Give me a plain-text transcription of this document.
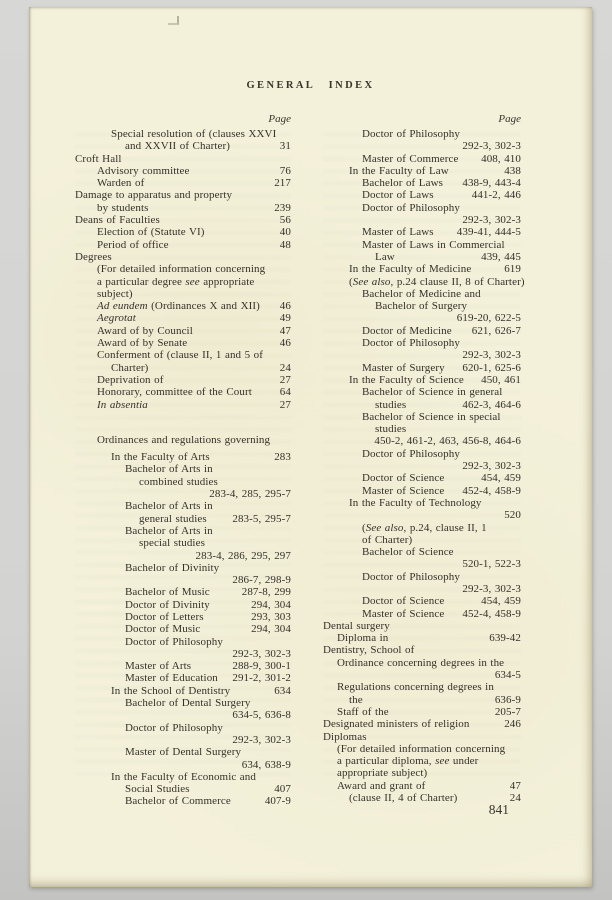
GENERAL INDEX
Page	Page
Special resolution of (clauses XXVI
and XXVII of Charter)	31
Croft Hall
Advisory committee	76
Warden of	217
Damage to apparatus and property
by students	239
Deans of Faculties	56
Election of (Statute VI)	40
Period of office	48
Degrees
(For detailed information concerning
a particular degree see appropriate
subject)
Ad eundem (Ordinances X and XII) 46
Aegrotat	49
Award of by Council	47
Award of by Senate	46
Conferment of (clause II, 1 and 5 of
Charter)	24
Deprivation of	27
Honorary, committee of the Court	64
In absentia	27
Ordinances and regulations governing
In the Faculty of Arts	283
Bachelor of Arts in
combined studies
283-4, 285, 295-7
Bachelor of Arts in
general studies 283-5, 295-7
Bachelor of Arts in
special studies
283-4, 286, 295, 297
Bachelor of Divinity
286-7, 298-9
Bachelor of Music	287-8, 299
Doctor of Divinity	294, 304
Doctor of Letters	293, 303
Doctor of Music	294, 304
Doctor of Philosophy
292-3, 302-3
Master of Arts	288-9, 300-1
Master of Education 291-2, 301-2
In the School of Dentistry	634
Bachelor of Dental Surgery
634-5, 636-8
Doctor of Philosophy
292-3, 302-3
Master of Dental Surgery
634, 638-9
In the Faculty of Economic and
Social Studies	407
Bachelor of Commerce	407-9
Doctor of Philosophy
292-3, 302-3
Master of Commerce 408, 410
In the Faculty of Law	438
Bachelor of Laws 438-9, 443-4
Doctor of Laws	441-2, 446
Doctor of Philosophy
292-3, 302-3
Master of Laws 439-41, 444-5
Master of Laws in Commercial
Law	439, 445
In the Faculty of Medicine	619
(See also, p.24 clause II, 8 of Charter)
Bachelor of Medicine and
Bachelor of Surgery
619-20, 622-5
Doctor of Medicine 621, 626-7
Doctor of Philosophy
292-3, 302-3
Master of Surgery 620-1, 625-6
In the Faculty of Science 450, 461
Bachelor of Science in general
studies	462-3, 464-6
Bachelor of Science in special
studies
450-2, 461-2, 463, 456-8, 464-6
Doctor of Philosophy
292-3, 302-3
Doctor of Science	454, 459
Master of Science 452-4, 458-9
In the Faculty of Technology
520
(See also, p.24, clause II, 1
of Charter)
Bachelor of Science
520-1, 522-3
Doctor of Philosophy
292-3, 302-3
Doctor of Science	454, 459
Master of Science 452-4, 458-9
Dental surgery
Diploma in	639-42
Dentistry, School of
Ordinance concerning degrees in the
634-5
Regulations concerning degrees in
the	636-9
Staff of the	205-7
Designated ministers of religion	246
Diplomas
(For detailed information concerning
a particular diploma, see under
appropriate subject)
Award and grant of	47
(clause II, 4 of Charter)	24
841
